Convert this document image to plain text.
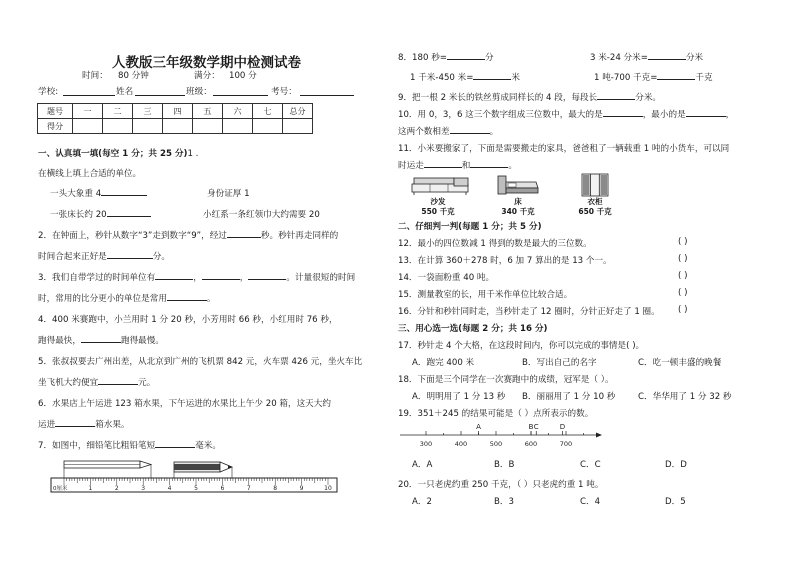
人教版三年级数学期中检测试卷
时间： 80 分钟	满分： 100 分
学校:	姓名	班级：	考号：
题号	一	二	三	四	五	六	七	总分
得分								
一、认真填一填(每空 1 分；共 25 分)1 .
在横线上填上合适的单位。
一头大象重 4	身份证厚 1
一张床长约 20	小红系一条红领巾大约需要 20
2．在钟面上，秒针从数字“3”走到数字“9”，经过	秒。秒针再走同样的
时间合起来正好是	分。
3．我们自带学过的时间单位有	，	，	。计量很短的时间
时，常用的比分更小的单位是常用	。
4．400 米赛跑中，小兰用时 1 分 20 秒，小芳用时 66 秒，小红用时 76 秒，
跑得最快，	跑得最慢。
5．张叔叔要去广州出差，从北京到广州的飞机票 842 元，火车票 426 元，坐火车比
坐飞机大约便宜	元。
6．水果店上午运进 123 箱水果，下午运进的水果比上午少 20 箱，这天大约
运进	箱水果。
7．如图中，细铅笔比粗铅笔短	毫米。
1	2	3	4	5	6	7	8	9	10
0厘米
8．180 秒=	分	3 米-24 分米=	分米
1 千米-450 米=	米	1 吨-700 千克=	千克
9．把一根 2 米长的铁丝剪成同样长的 4 段，每段长	分米。
10．用 0，3，6 这三个数字组成三位数中，最大的是	，最小的是	，
这两个数相差	。
11．小米要搬家了，下面是需要搬走的家具，爸爸租了一辆载重 1 吨的小货车，可以同
时运走	和	。
沙发
550 千克
床
340 千克
衣柜
650 千克
二、仔细判一判(每题 1 分；共 5 分)
12．最小的四位数减 1 得到的数是最大的三位数。	( )
13．在计算 360＋278 时，6 加 7 算出的是 13 个一。	( )
14．一袋面粉重 40 吨。	( )
15．测量教室的长，用千米作单位比较合适。	( )
16．分针和秒针同时走，当秒针走了 12 圈时，分针正好走了 1 圈。 ( )
三、用心选一选(每题 2 分；共 16 分)
17．秒针走 4 个大格，在这段时间内，你可以完成的事情是( )。
A．跑完 400 米	B．写出自己的名字	C．吃一顿丰盛的晚餐
18．下面是三个同学在一次赛跑中的成绩，冠军是（ ）。
A．明明用了 1 分 13 秒 B．丽丽用了 1 分 10 秒	C．华华用了 1 分 32 秒
19．351＋245 的结果可能是（ ）点所表示的数。
300	400	500	600	700
A	B C	D
A．A	B．B	C．C	D．D
20．一只老虎约重 250 千克，（ ）只老虎约重 1 吨。
A．2	B．3	C．4	D．5
